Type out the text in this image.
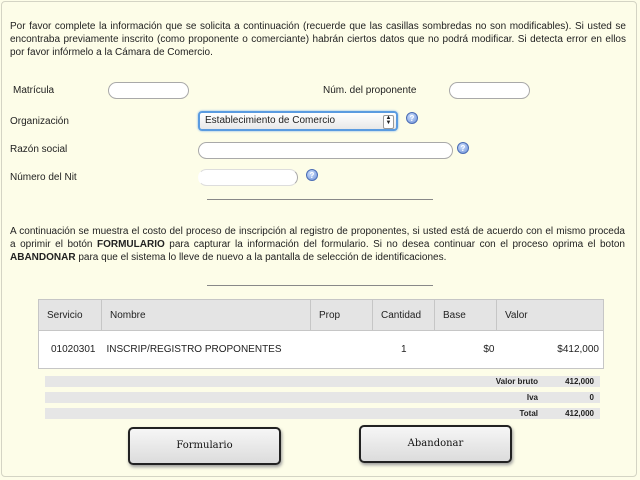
Por favor complete la información que se solicita a continuación (recuerde que las casillas sombredas no son modificables). Si usted se encontraba previamente inscrito (como proponente o comerciante) habrán ciertos datos que no podrá modificar. Si detecta error en ellos por favor infórmelo a la Cámara de Comercio.
Matrícula	Núm. del proponente
Organización	Establecimiento de Comercio	▲
▼	?
Razón social	?
Número del Nit	?
A continuación se muestra el costo del proceso de inscripción al registro de proponentes, si usted está de acuerdo con el mismo proceda a oprimir el botón FORMULARIO para capturar la información del formulario. Si no desea continuar con el proceso oprima el boton ABANDONAR para que el sistema lo lleve de nuevo a la pantalla de selección de identificaciones.
Servicio	Nombre	Prop	Cantidad	Base	Valor
01020301	INSCRIP/REGISTRO PROPONENTES		1	$0	$412,000
Valor bruto	412,000
Iva	0
Total	412,000
Formulario	Abandonar
